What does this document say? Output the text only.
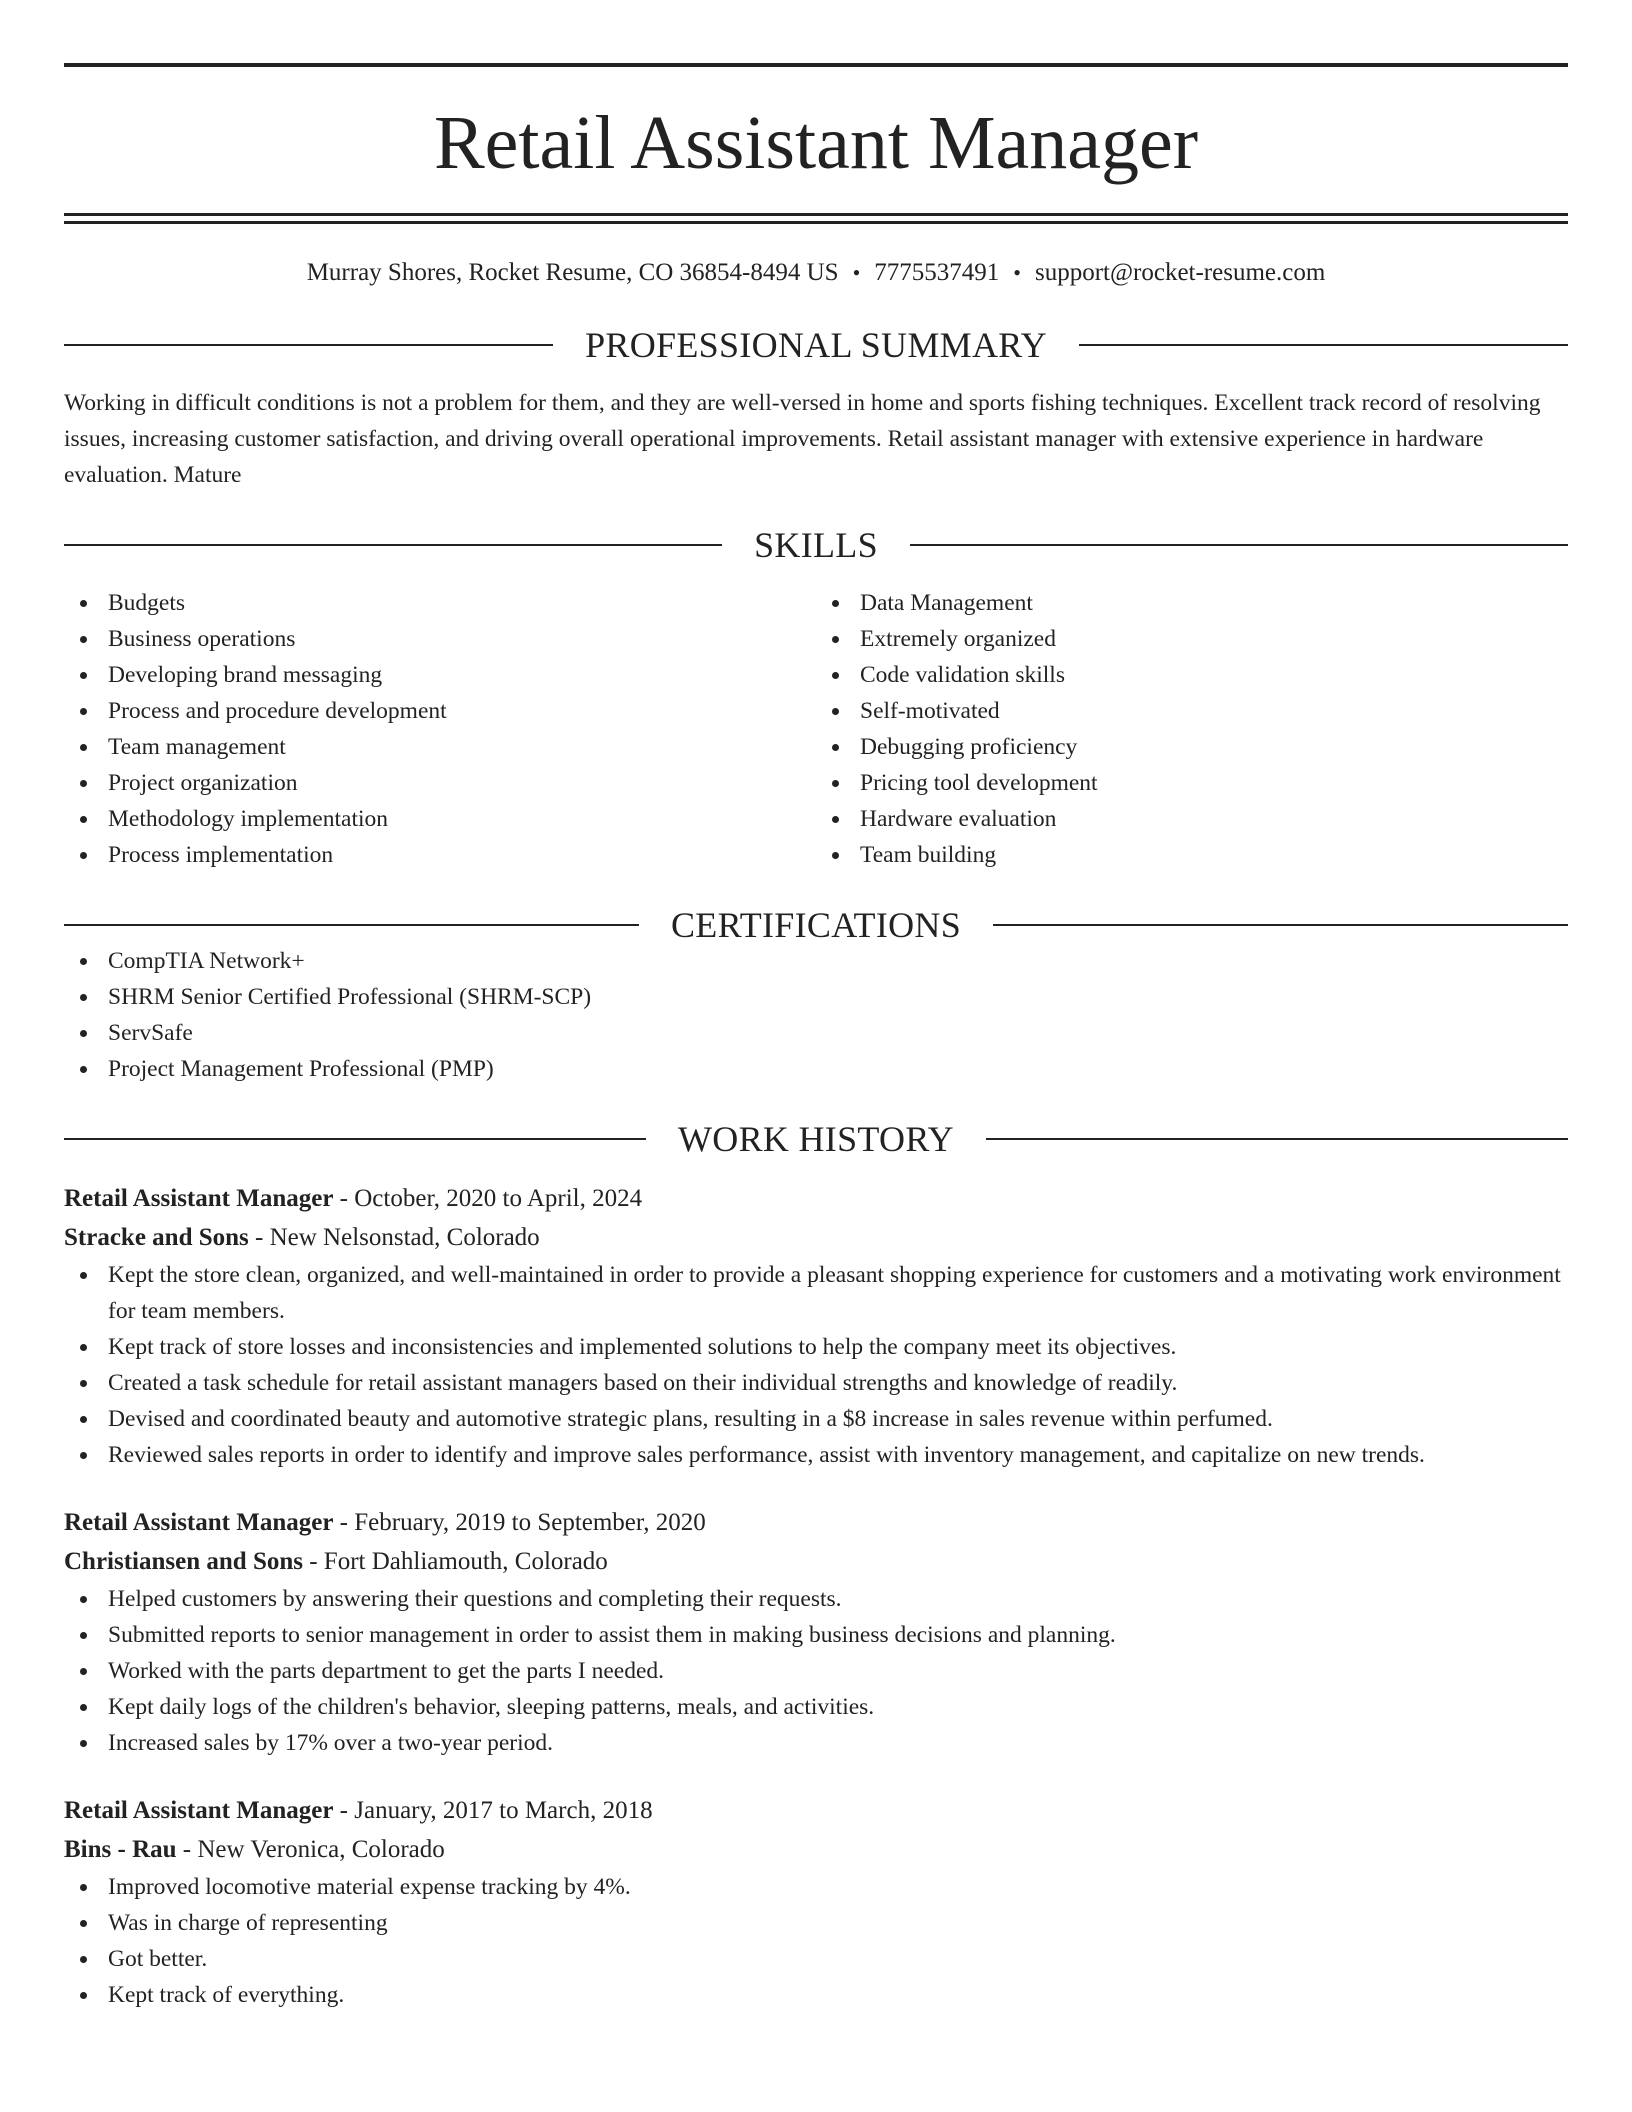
Retail Assistant Manager
Murray Shores, Rocket Resume, CO 36854-8494 US • 7775537491 • support@rocket-resume.com
PROFESSIONAL SUMMARY
Working in difficult conditions is not a problem for them, and they are well-versed in home and sports fishing techniques. Excellent track record of resolving issues, increasing customer satisfaction, and driving overall operational improvements. Retail assistant manager with extensive experience in hardware evaluation. Mature
SKILLS
Budgets
Business operations
Developing brand messaging
Process and procedure development
Team management
Project organization
Methodology implementation
Process implementation
Data Management
Extremely organized
Code validation skills
Self-motivated
Debugging proficiency
Pricing tool development
Hardware evaluation
Team building
CERTIFICATIONS
CompTIA Network+
SHRM Senior Certified Professional (SHRM-SCP)
ServSafe
Project Management Professional (PMP)
WORK HISTORY
Retail Assistant Manager - October, 2020 to April, 2024
Stracke and Sons - New Nelsonstad, Colorado
Kept the store clean, organized, and well-maintained in order to provide a pleasant shopping experience for customers and a motivating work environment for team members.
Kept track of store losses and inconsistencies and implemented solutions to help the company meet its objectives.
Created a task schedule for retail assistant managers based on their individual strengths and knowledge of readily.
Devised and coordinated beauty and automotive strategic plans, resulting in a $8 increase in sales revenue within perfumed.
Reviewed sales reports in order to identify and improve sales performance, assist with inventory management, and capitalize on new trends.
Retail Assistant Manager - February, 2019 to September, 2020
Christiansen and Sons - Fort Dahliamouth, Colorado
Helped customers by answering their questions and completing their requests.
Submitted reports to senior management in order to assist them in making business decisions and planning.
Worked with the parts department to get the parts I needed.
Kept daily logs of the children's behavior, sleeping patterns, meals, and activities.
Increased sales by 17% over a two-year period.
Retail Assistant Manager - January, 2017 to March, 2018
Bins - Rau - New Veronica, Colorado
Improved locomotive material expense tracking by 4%.
Was in charge of representing
Got better.
Kept track of everything.
